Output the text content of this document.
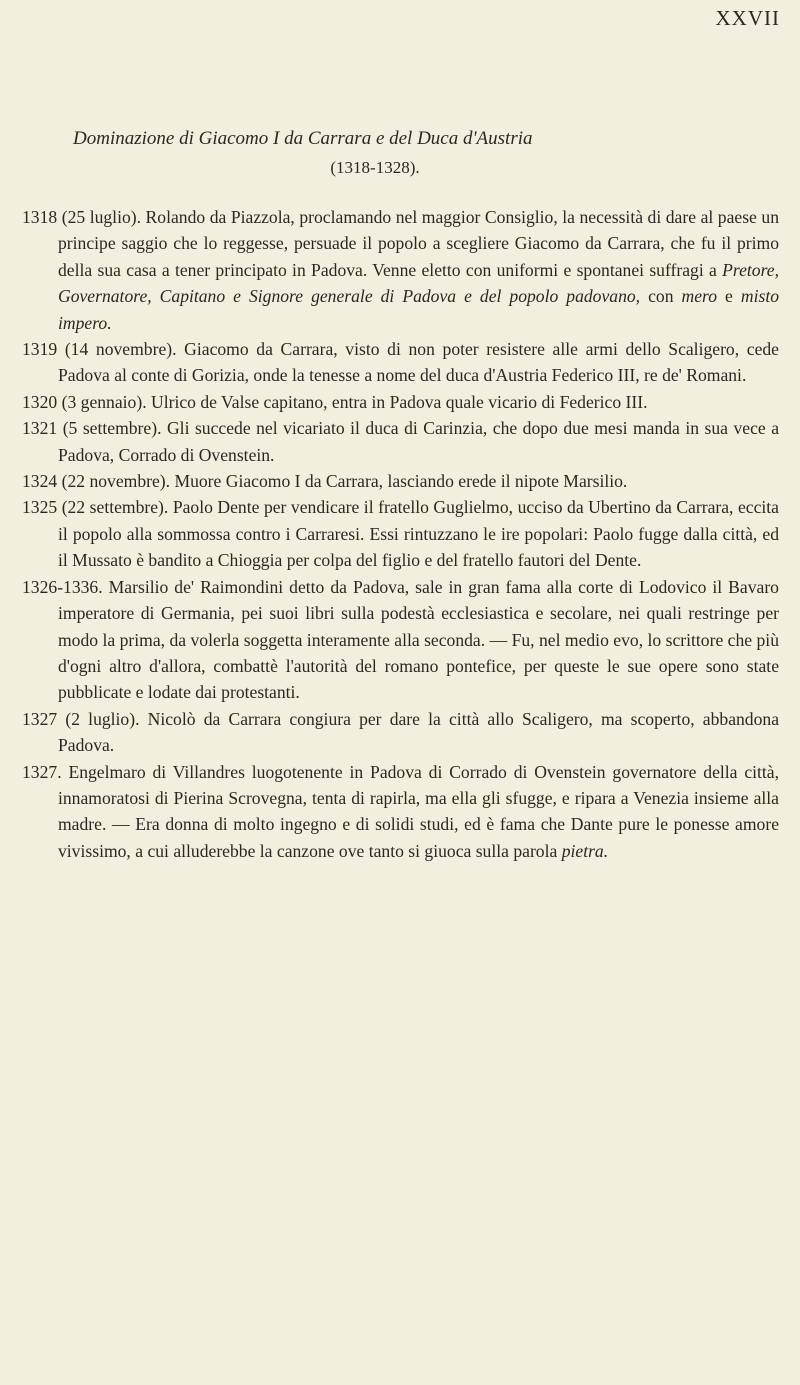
XXVII
Dominazione di Giacomo I da Carrara e del Duca d'Austria
(1318-1328).

1318 (25 luglio). Rolando da Piazzola, proclamando nel maggior Consiglio, la necessità di dare al paese un principe saggio che lo reggesse, persuade il popolo a scegliere Giacomo da Carrara, che fu il primo della sua casa a tener principato in Padova. Venne eletto con uniformi e spontanei suffragi a Pretore, Governatore, Capitano e Signore generale di Padova e del popolo padovano, con mero e misto impero.

1319 (14 novembre). Giacomo da Carrara, visto di non poter resistere alle armi dello Scaligero, cede Padova al conte di Gorizia, onde la tenesse a nome del duca d'Austria Federico III, re de' Romani.

1320 (3 gennaio). Ulrico de Valse capitano, entra in Padova quale vicario di Federico III.

1321 (5 settembre). Gli succede nel vicariato il duca di Carinzia, che dopo due mesi manda in sua vece a Padova, Corrado di Ovenstein.

1324 (22 novembre). Muore Giacomo I da Carrara, lasciando erede il nipote Marsilio.

1325 (22 settembre). Paolo Dente per vendicare il fratello Guglielmo, ucciso da Ubertino da Carrara, eccita il popolo alla sommossa contro i Carraresi. Essi rintuzzano le ire popolari: Paolo fugge dalla città, ed il Mussato è bandito a Chioggia per colpa del figlio e del fratello fautori del Dente.

1326-1336. Marsilio de' Raimondini detto da Padova, sale in gran fama alla corte di Lodovico il Bavaro imperatore di Germania, pei suoi libri sulla podestà ecclesiastica e secolare, nei quali restringe per modo la prima, da volerla soggetta interamente alla seconda. — Fu, nel medio evo, lo scrittore che più d'ogni altro d'allora, combattè l'autorità del romano pontefice, per queste le sue opere sono state pubblicate e lodate dai protestanti.

1327 (2 luglio). Nicolò da Carrara congiura per dare la città allo Scaligero, ma scoperto, abbandona Padova.

1327. Engelmaro di Villandres luogotenente in Padova di Corrado di Ovenstein governatore della città, innamoratosi di Pierina Scrovegna, tenta di rapirla, ma ella gli sfugge, e ripara a Venezia insieme alla madre. — Era donna di molto ingegno e di solidi studi, ed è fama che Dante pure le ponesse amore vivissimo, a cui alluderebbe la canzone ove tanto si giuoca sulla parola pietra.
